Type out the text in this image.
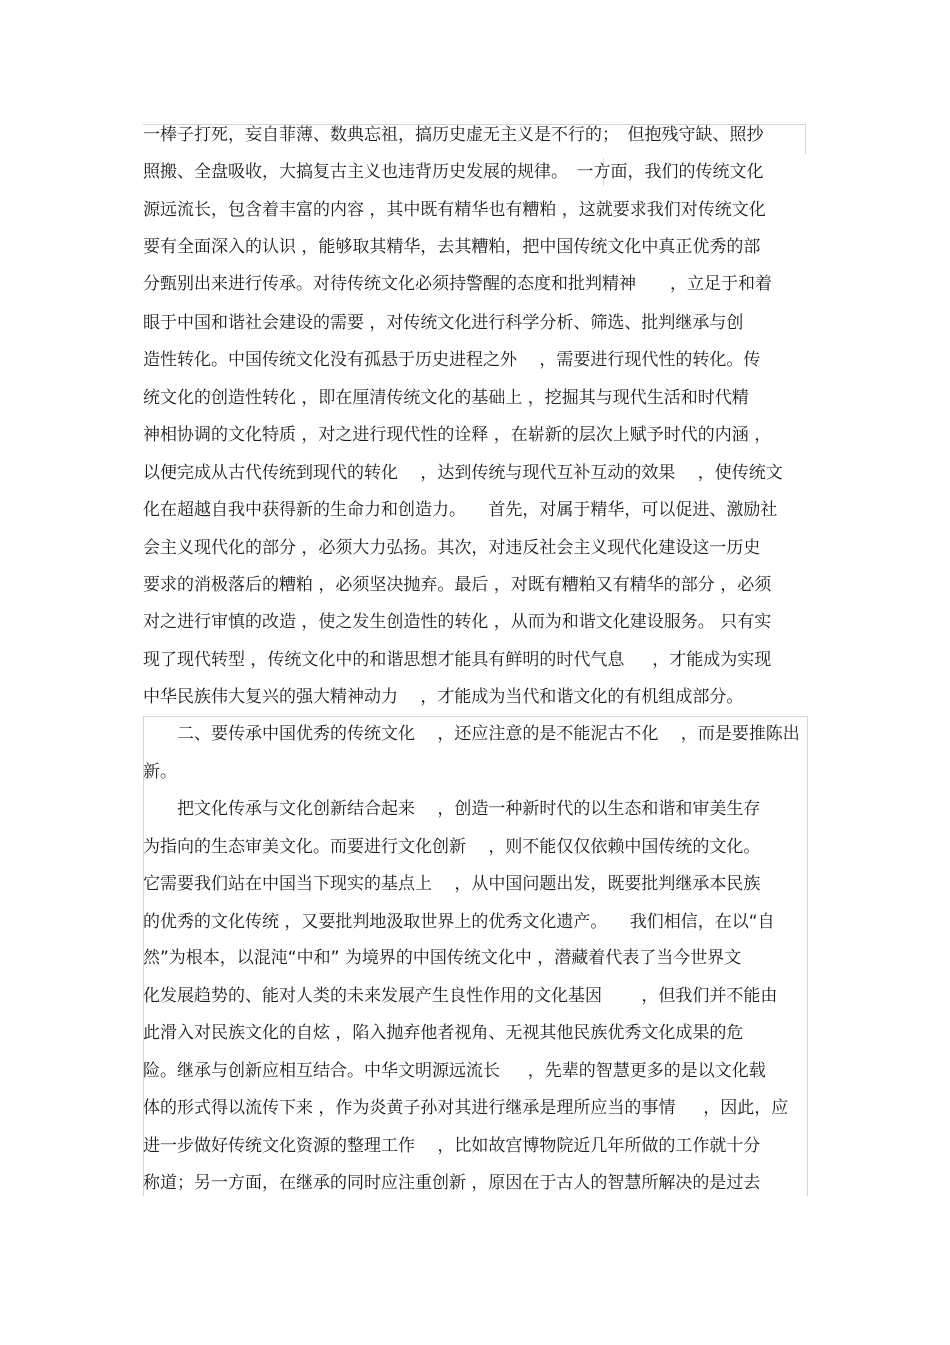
一棒子打死，妄自菲薄、数典忘祖，搞历史虚无主义是不行的；　但抱残守缺、照抄
照搬、全盘吸收，大搞复古主义也违背历史发展的规律。　一方面，我们的传统文化
源远流长，包含着丰富的内容 ，其中既有精华也有糟粕 ，这就要求我们对传统文化
要有全面深入的认识 ，能够取其精华，去其糟粕，把中国传统文化中真正优秀的部
分甄别出来进行传承。对待传统文化必须持警醒的态度和批判精神　　，立足于和着
眼于中国和谐社会建设的需要 ，对传统文化进行科学分析、筛选、批判继承与创
造性转化。中国传统文化没有孤悬于历史进程之外　 ，需要进行现代性的转化。传
统文化的创造性转化 ，即在厘清传统文化的基础上 ，挖掘其与现代生活和时代精
神相协调的文化特质 ，对之进行现代性的诠释 ，在崭新的层次上赋予时代的内涵 ，
以便完成从古代传统到现代的转化 　，达到传统与现代互补互动的效果 　，使传统文
化在超越自我中获得新的生命力和创造力。 　首先，对属于精华，可以促进、激励社
会主义现代化的部分 ，必须大力弘扬。其次，对违反社会主义现代化建设这一历史
要求的消极落后的糟粕 ，必须坚决抛弃。最后 ，对既有糟粕又有精华的部分 ，必须
对之进行审慎的改造 ，使之发生创造性的转化 ，从而为和谐文化建设服务。 只有实
现了现代转型 ，传统文化中的和谐思想才能具有鲜明的时代气息 　 ，才能成为实现
中华民族伟大复兴的强大精神动力 　，才能成为当代和谐文化的有机组成部分。
　　二、要传承中国优秀的传统文化 　，还应注意的是不能泥古不化 　，而是要推陈出
新。
　　把文化传承与文化创新结合起来 　，创造一种新时代的以生态和谐和审美生存
为指向的生态审美文化。而要进行文化创新 　，则不能仅仅依赖中国传统的文化。
它需要我们站在中国当下现实的基点上 　，从中国问题出发，既要批判继承本民族
的优秀的文化传统 ，又要批判地汲取世界上的优秀文化遗产。 　我们相信，在以“自
然”为根本，以混沌“中和” 为境界的中国传统文化中 ，潜藏着代表了当今世界文
化发展趋势的、能对人类的未来发展产生良性作用的文化基因 　　，但我们并不能由
此滑入对民族文化的自炫 ，陷入抛弃他者视角、无视其他民族优秀文化成果的危
险。继承与创新应相互结合。中华文明源远流长 　 ，先辈的智慧更多的是以文化载
体的形式得以流传下来 ，作为炎黄子孙对其进行继承是理所应当的事情 　 ，因此，应
进一步做好传统文化资源的整理工作 　，比如故宫博物院近几年所做的工作就十分
称道；另一方面，在继承的同时应注重创新 ，原因在于古人的智慧所解决的是过去
